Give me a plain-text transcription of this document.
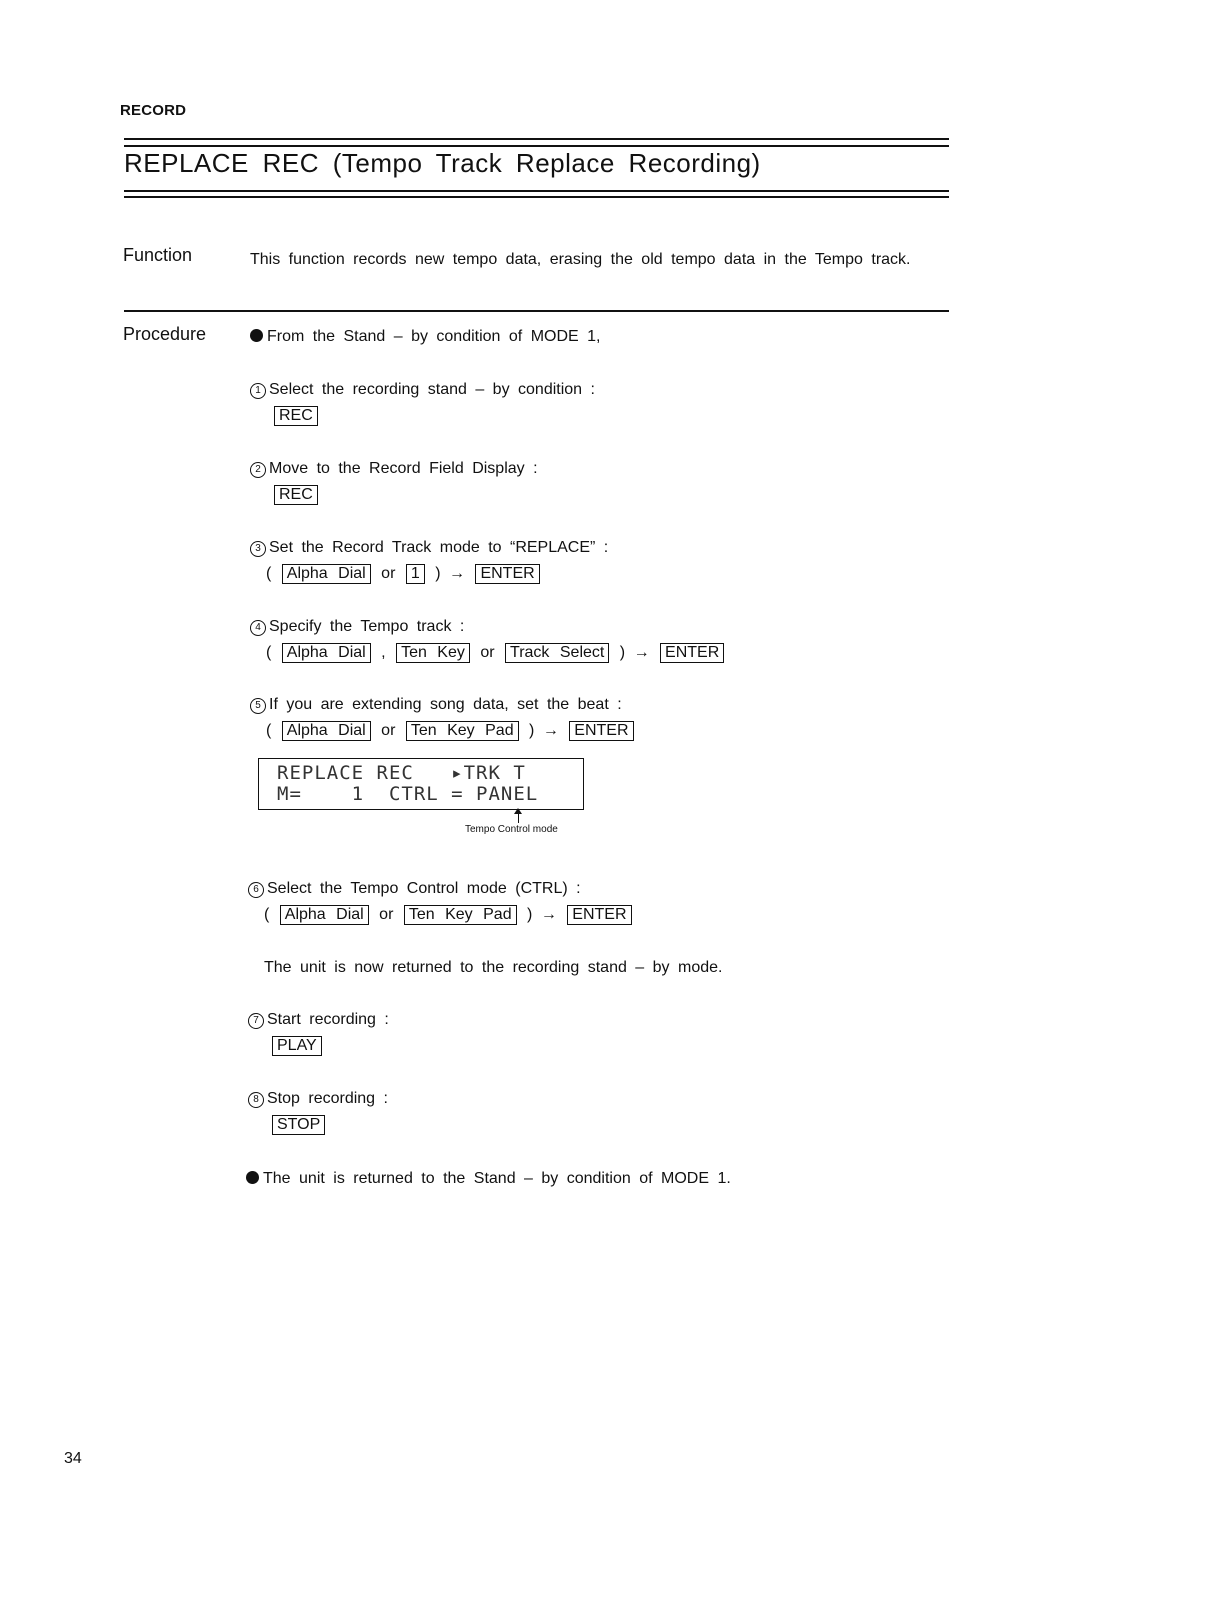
RECORD
REPLACE REC (Tempo Track Replace Recording)
Function	This function records new tempo data, erasing the old tempo data in the Tempo track.
Procedure	From the Stand – by condition of MODE 1,
1 Select the recording stand – by condition :
REC
2 Move to the Record Field Display :
REC
3 Set the Record Track mode to “REPLACE” :
( Alpha Dial or 1 ) → ENTER
4 Specify the Tempo track :
( Alpha Dial , Ten Key or Track Select ) → ENTER
5 If you are extending song data, set the beat :
( Alpha Dial or Ten Key Pad ) → ENTER
REPLACE REC   ▸TRK T
M=    1  CTRL = PANEL
Tempo Control mode
6 Select the Tempo Control mode (CTRL) :
( Alpha Dial or Ten Key Pad ) → ENTER
The unit is now returned to the recording stand – by mode.
7 Start recording :
PLAY
8 Stop recording :
STOP
The unit is returned to the Stand – by condition of MODE 1.
34
